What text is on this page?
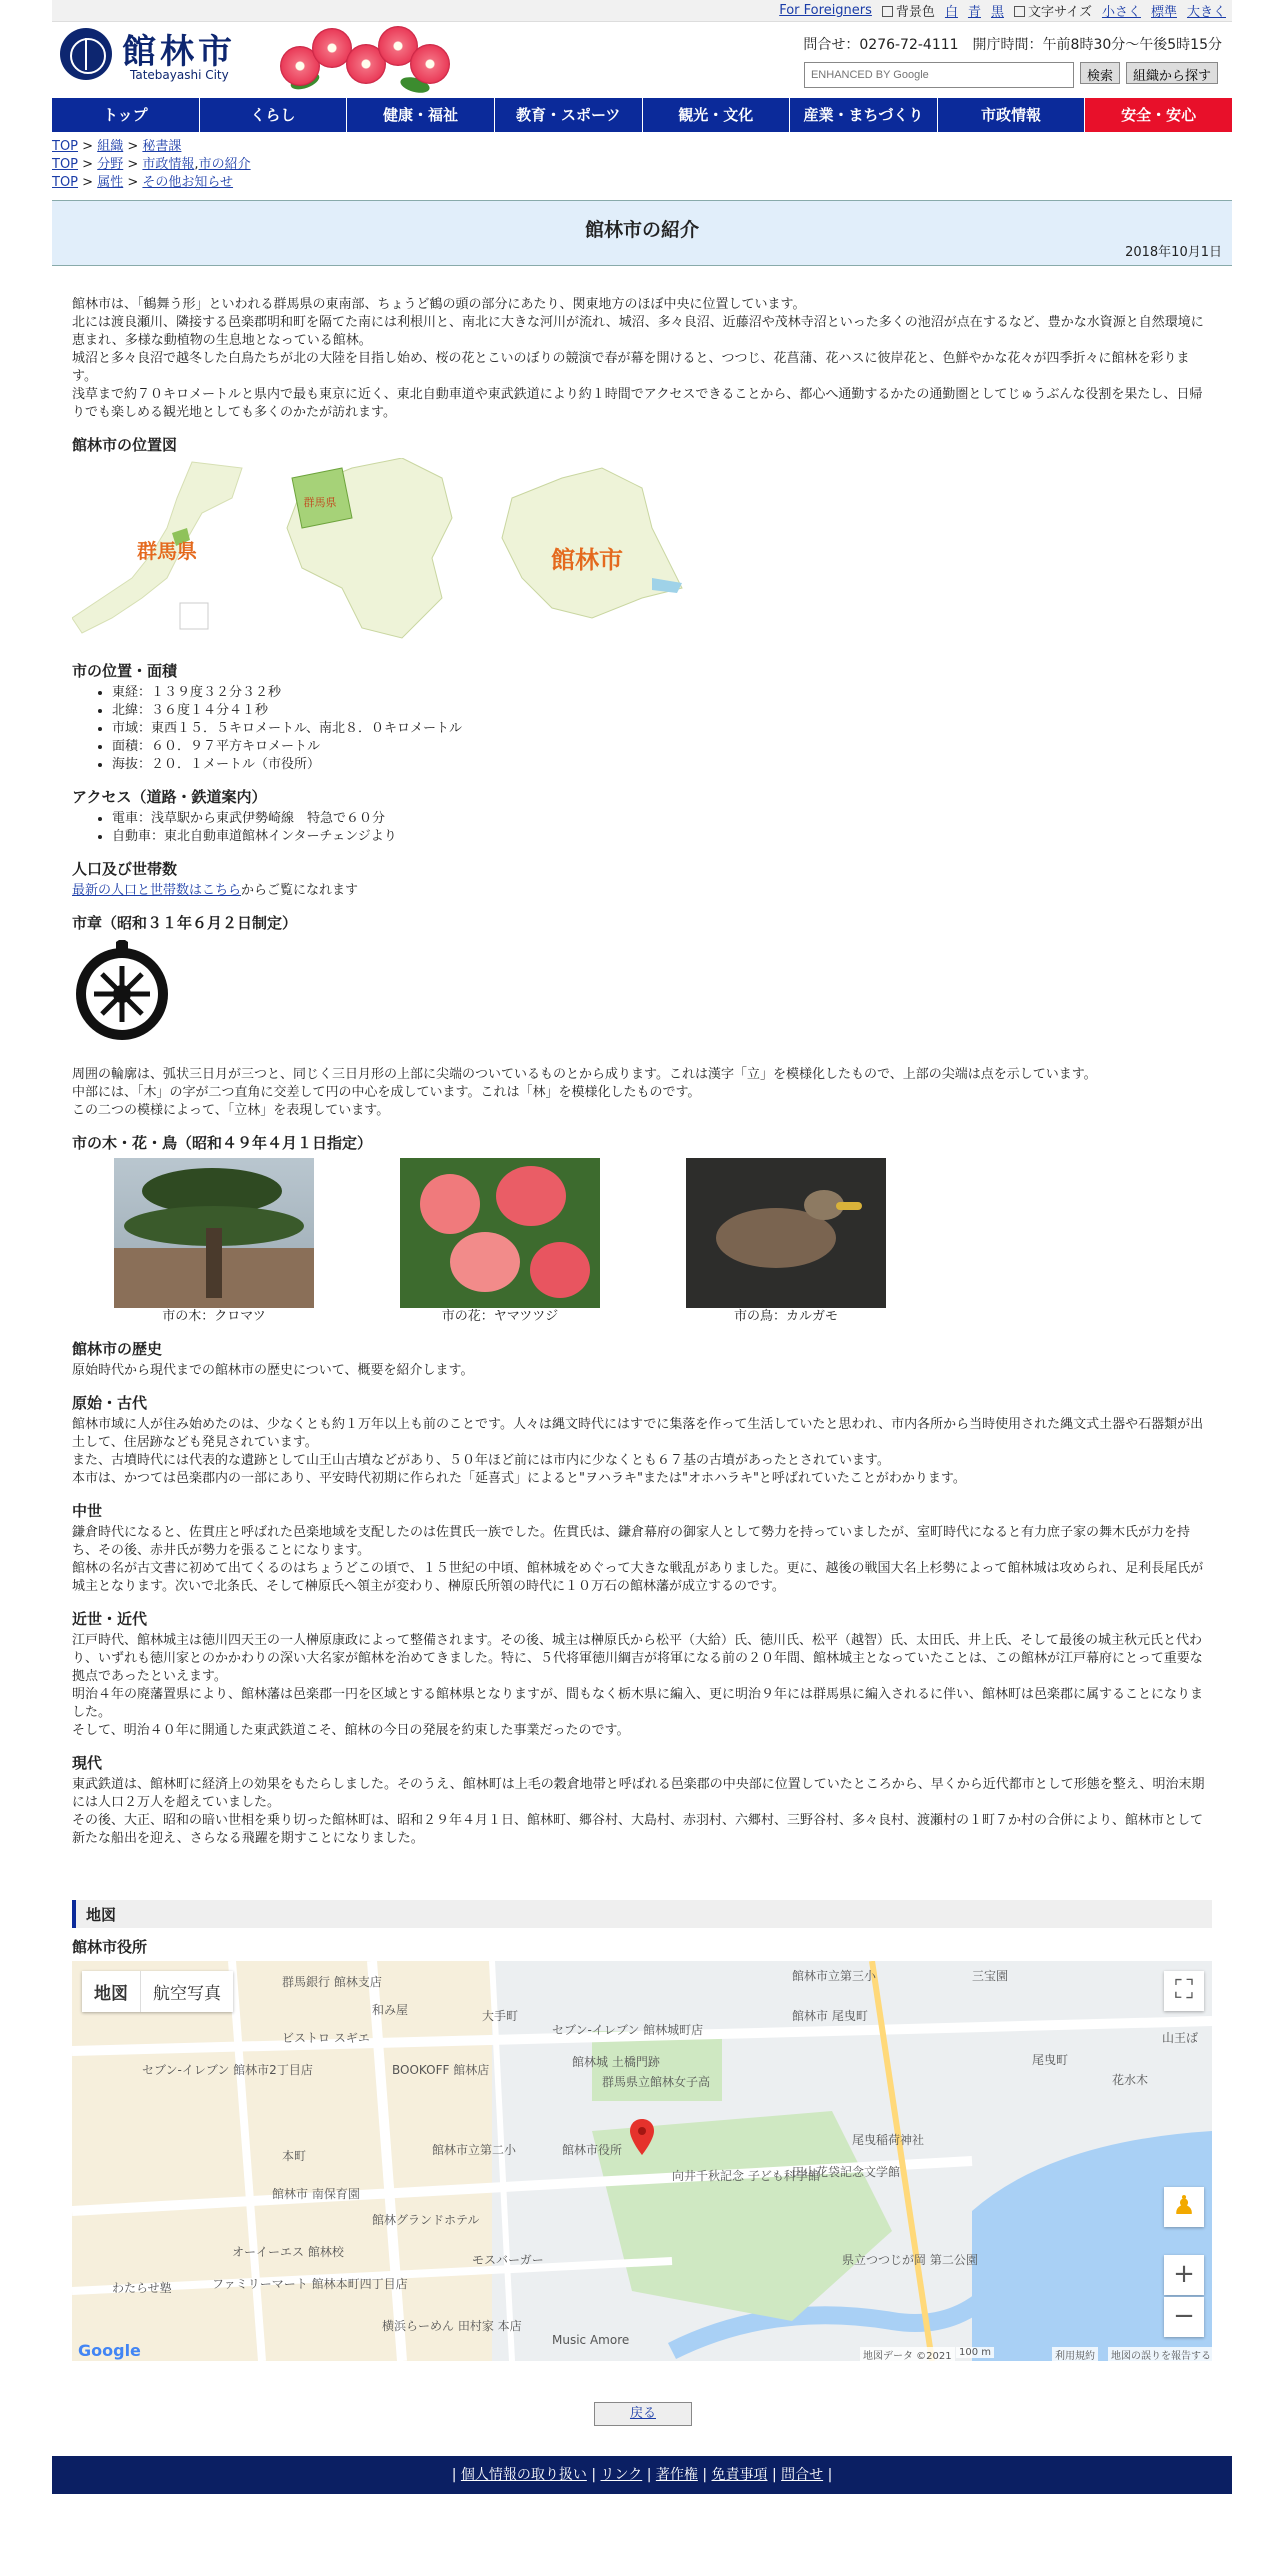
For Foreigners	背景色 白 青 黒	文字サイズ 小さく 標準 大きく
館林市
Tatebayashi City
問合せ：0276-72-4111　開庁時間：午前8時30分～午後5時15分
ENHANCED BY Google
検索	組織から探す
トップ	くらし	健康・福祉	教育・スポーツ	観光・文化	産業・まちづくり	市政情報	安全・安心
TOP > 組織 > 秘書課
TOP > 分野 > 市政情報,市の紹介
TOP > 属性 > その他お知らせ
館林市の紹介
2018年10月1日

館林市は、「鶴舞う形」といわれる群馬県の東南部、ちょうど鶴の頭の部分にあたり、関東地方のほぼ中央に位置しています。

北には渡良瀬川、隣接する邑楽郡明和町を隔てた南には利根川と、南北に大きな河川が流れ、城沼、多々良沼、近藤沼や茂林寺沼といった多くの池沼が点在するなど、豊かな水資源と自然環境に恵まれ、多様な動植物の生息地となっている館林。

城沼と多々良沼で越冬した白鳥たちが北の大陸を目指し始め、桜の花とこいのぼりの競演で春が幕を開けると、つつじ、花菖蒲、花ハスに彼岸花と、色鮮やかな花々が四季折々に館林を彩ります。

浅草まで約７０キロメートルと県内で最も東京に近く、東北自動車道や東武鉄道により約１時間でアクセスできることから、都心へ通勤するかたの通勤圏としてじゅうぶんな役割を果たし、日帰りでも楽しめる観光地としても多くのかたが訪れます。

館林市の位置図
群馬県
群馬県
館林市
市の位置・面積
• 東経：１３９度３２分３２秒
• 北緯：３６度１４分４１秒
• 市域：東西１５．５キロメートル、南北８．０キロメートル
• 面積：６０．９７平方キロメートル
• 海抜：２０．１メートル（市役所）
アクセス（道路・鉄道案内）
• 電車：浅草駅から東武伊勢崎線　特急で６０分
• 自動車：東北自動車道館林インターチェンジより
人口及び世帯数

最新の人口と世帯数はこちらからご覧になれます

市章（昭和３１年６月２日制定）

周囲の輪廓は、弧状三日月が三つと、同じく三日月形の上部に尖端のついているものとから成ります。これは漢字「立」を模様化したもので、上部の尖端は点を示しています。

中部には、「木」の字が二つ直角に交差して円の中心を成しています。これは「林」を模様化したものです。

この二つの模様によって、「立林」を表現しています。

市の木・花・鳥（昭和４９年４月１日指定）
市の木：クロマツ	市の花：ヤマツツジ	市の鳥：カルガモ
館林市の歴史

原始時代から現代までの館林市の歴史について、概要を紹介します。

原始・古代

館林市域に人が住み始めたのは、少なくとも約１万年以上も前のことです。人々は縄文時代にはすでに集落を作って生活していたと思われ、市内各所から当時使用された縄文式土器や石器類が出土して、住居跡なども発見されています。

また、古墳時代には代表的な遺跡として山王山古墳などがあり、５０年ほど前には市内に少なくとも６７基の古墳があったとされています。

本市は、かつては邑楽郡内の一部にあり、平安時代初期に作られた「延喜式」によると"ヲハラキ"または"オホハラキ"と呼ばれていたことがわかります。

中世

鎌倉時代になると、佐貫庄と呼ばれた邑楽地域を支配したのは佐貫氏一族でした。佐貫氏は、鎌倉幕府の御家人として勢力を持っていましたが、室町時代になると有力庶子家の舞木氏が力を持ち、その後、赤井氏が勢力を張ることになります。

館林の名が古文書に初めて出てくるのはちょうどこの頃で、１５世紀の中頃、館林城をめぐって大きな戦乱がありました。更に、越後の戦国大名上杉勢によって館林城は攻められ、足利長尾氏が城主となります。次いで北条氏、そして榊原氏へ領主が変わり、榊原氏所領の時代に１０万石の館林藩が成立するのです。

近世・近代

江戸時代、館林城主は徳川四天王の一人榊原康政によって整備されます。その後、城主は榊原氏から松平（大給）氏、徳川氏、松平（越智）氏、太田氏、井上氏、そして最後の城主秋元氏と代わり、いずれも徳川家とのかかわりの深い大名家が館林を治めてきました。特に、５代将軍徳川綱吉が将軍になる前の２０年間、館林城主となっていたことは、この館林が江戸幕府にとって重要な拠点であったといえます。

明治４年の廃藩置県により、館林藩は邑楽郡一円を区域とする館林県となりますが、間もなく栃木県に編入、更に明治９年には群馬県に編入されるに伴い、館林町は邑楽郡に属することになりました。

そして、明治４０年に開通した東武鉄道こそ、館林の今日の発展を約束した事業だったのです。

現代

東武鉄道は、館林町に経済上の効果をもたらしました。そのうえ、館林町は上毛の穀倉地帯と呼ばれる邑楽郡の中央部に位置していたところから、早くから近代都市として形態を整え、明治末期には人口２万人を超えていました。

その後、大正、昭和の暗い世相を乗り切った館林町は、昭和２９年４月１日、館林町、郷谷村、大島村、赤羽村、六郷村、三野谷村、多々良村、渡瀬村の１町７か村の合併により、館林市として新たな船出を迎え、さらなる飛躍を期すことになりました。

地図
館林市役所
地図	航空写真	⛶
♟
+
−
館林市役所
群馬銀行 館林支店
和み屋
ビストロ スギエ
セブン-イレブン 館林市2丁目店	BOOKOFF 館林店
セブン-イレブン 館林城町店
館林城 土橋門跡
群馬県立館林女子高
館林市立第二小
館林市 南保育園
館林グランドホテル
モスバーガー
オーイーエス 館林校
ファミリーマート 館林本町四丁目店
横浜らーめん 田村家 本店
向井千秋記念 子ども科学館
田山花袋記念文学館
尾曳稲荷神社
県立つつじが岡 第二公園
館林市立第三小
館林市 尾曳町
花水木
三宝園
わたらせ塾
Music Amore
山王ば
大手町
本町
尾曳町
Google	地図データ ©2021 100 m	利用規約	地図の誤りを報告する
戻る
| 個人情報の取り扱い | リンク | 著作権 | 免責事項 | 問合せ |
